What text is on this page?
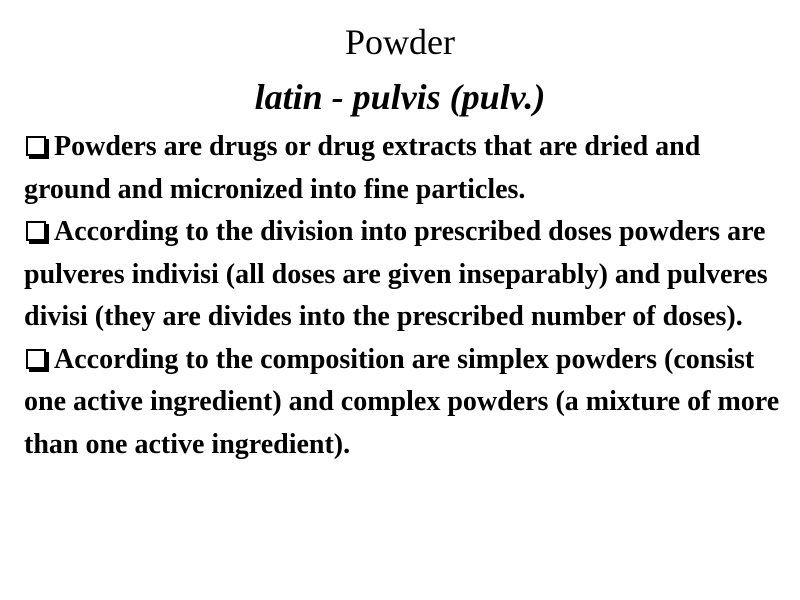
Powder
latin - pulvis (pulv.)
Powders are drugs or drug extracts that are dried and ground and micronized into fine particles.
According to the division into prescribed doses powders are pulveres indivisi (all doses are given inseparably) and pulveres divisi (they are divides into the prescribed number of doses).
According to the composition are simplex powders (consist one active ingredient) and complex powders (a mixture of more than one active ingredient).
